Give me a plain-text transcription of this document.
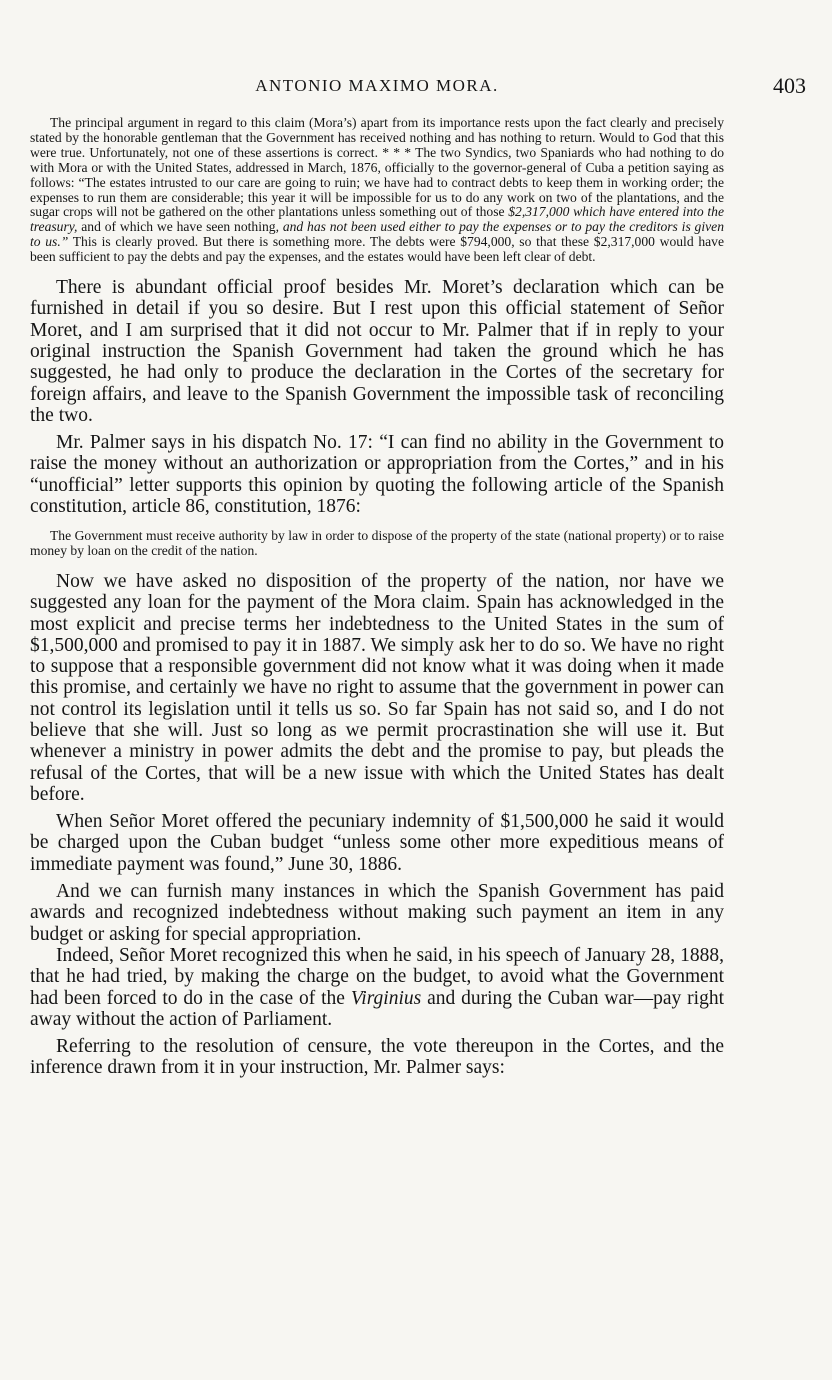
ANTONIO MAXIMO MORA.	403

The principal argument in regard to this claim (Mora’s) apart from its importance rests upon the fact clearly and precisely stated by the honorable gentleman that the Government has received nothing and has nothing to return. Would to God that this were true. Unfortunately, not one of these assertions is correct. * * * The two Syndics, two Spaniards who had nothing to do with Mora or with the United States, addressed in March, 1876, officially to the governor-general of Cuba a petition saying as follows: “The estates intrusted to our care are going to ruin; we have had to contract debts to keep them in working order; the expenses to run them are considerable; this year it will be impossible for us to do any work on two of the plantations, and the sugar crops will not be gathered on the other plantations unless something out of those $2,317,000 which have entered into the treasury, and of which we have seen nothing, and has not been used either to pay the expenses or to pay the creditors is given to us.” This is clearly proved. But there is something more. The debts were $794,000, so that these $2,317,000 would have been sufficient to pay the debts and pay the expenses, and the estates would have been left clear of debt.

There is abundant official proof besides Mr. Moret’s declaration which can be furnished in detail if you so desire. But I rest upon this official statement of Señor Moret, and I am surprised that it did not occur to Mr. Palmer that if in reply to your original instruction the Spanish Government had taken the ground which he has suggested, he had only to produce the declaration in the Cortes of the secretary for foreign affairs, and leave to the Spanish Government the impossible task of reconciling the two.

Mr. Palmer says in his dispatch No. 17: “I can find no ability in the Government to raise the money without an authorization or appropriation from the Cortes,” and in his “unofficial” letter supports this opinion by quoting the following article of the Spanish constitution, article 86, constitution, 1876:

The Government must receive authority by law in order to dispose of the property of the state (national property) or to raise money by loan on the credit of the nation.

Now we have asked no disposition of the property of the nation, nor have we suggested any loan for the payment of the Mora claim. Spain has acknowledged in the most explicit and precise terms her indebtedness to the United States in the sum of $1,500,000 and promised to pay it in 1887. We simply ask her to do so. We have no right to suppose that a responsible government did not know what it was doing when it made this promise, and certainly we have no right to assume that the government in power can not control its legislation until it tells us so. So far Spain has not said so, and I do not believe that she will. Just so long as we permit procrastination she will use it. But whenever a ministry in power admits the debt and the promise to pay, but pleads the refusal of the Cortes, that will be a new issue with which the United States has dealt before.

When Señor Moret offered the pecuniary indemnity of $1,500,000 he said it would be charged upon the Cuban budget “unless some other more expeditious means of immediate payment was found,” June 30, 1886.

And we can furnish many instances in which the Spanish Government has paid awards and recognized indebtedness without making such payment an item in any budget or asking for special appropriation.

Indeed, Señor Moret recognized this when he said, in his speech of January 28, 1888, that he had tried, by making the charge on the budget, to avoid what the Government had been forced to do in the case of the Virginius and during the Cuban war—pay right away without the action of Parliament.

Referring to the resolution of censure, the vote thereupon in the Cortes, and the inference drawn from it in your instruction, Mr. Palmer says:
